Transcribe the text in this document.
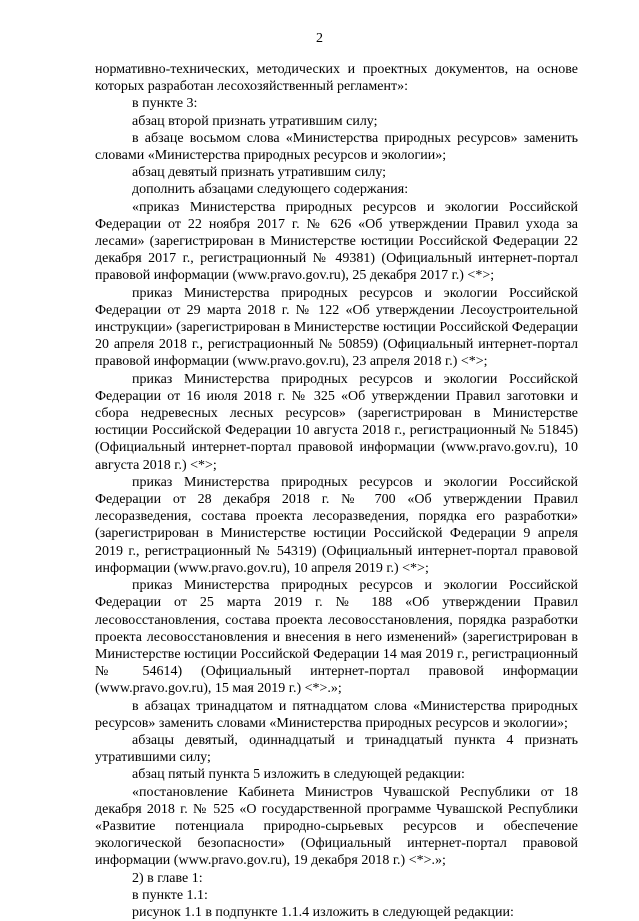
2

нормативно-технических, методических и проектных документов, на основе которых разработан лесохозяйственный регламент»:

в пункте 3:

абзац второй признать утратившим силу;

в абзаце восьмом слова «Министерства природных ресурсов» заменить словами «Министерства природных ресурсов и экологии»;

абзац девятый признать утратившим силу;

дополнить абзацами следующего содержания:

«приказ Министерства природных ресурсов и экологии Российской Федерации от 22 ноября 2017 г. № 626 «Об утверждении Правил ухода за лесами» (зарегистрирован в Министерстве юстиции Российской Федерации 22 декабря 2017 г., регистрационный № 49381) (Официальный интернет-портал правовой информации (www.pravo.gov.ru), 25 декабря 2017 г.) <*>;

приказ Министерства природных ресурсов и экологии Российской Федерации от 29 марта 2018 г. № 122 «Об утверждении Лесоустроительной инструкции» (зарегистрирован в Министерстве юстиции Российской Федерации 20 апреля 2018 г., регистрационный № 50859) (Официальный интернет-портал правовой информации (www.pravo.gov.ru), 23 апреля 2018 г.) <*>;

приказ Министерства природных ресурсов и экологии Российской Федерации от 16 июля 2018 г. № 325 «Об утверждении Правил заготовки и сбора недревесных лесных ресурсов» (зарегистрирован в Министерстве юстиции Российской Федерации 10 августа 2018 г., регистрационный № 51845) (Официальный интернет-портал правовой информации (www.pravo.gov.ru), 10 августа 2018 г.) <*>;

приказ Министерства природных ресурсов и экологии Российской Федерации от 28 декабря 2018 г. № 700 «Об утверждении Правил лесоразведения, состава проекта лесоразведения, порядка его разработки» (зарегистрирован в Министерстве юстиции Российской Федерации 9 апреля 2019 г., регистрационный № 54319) (Официальный интернет-портал правовой информации (www.pravo.gov.ru), 10 апреля 2019 г.) <*>;

приказ Министерства природных ресурсов и экологии Российской Федерации от 25 марта 2019 г. № 188 «Об утверждении Правил лесовосстановления, состава проекта лесовосстановления, порядка разработки проекта лесовосстановления и внесения в него изменений» (зарегистрирован в Министерстве юстиции Российской Федерации 14 мая 2019 г., регистрационный № 54614) (Официальный интернет-портал правовой информации (www.pravo.gov.ru), 15 мая 2019 г.) <*>.»;

в абзацах тринадцатом и пятнадцатом слова «Министерства природных ресурсов» заменить словами «Министерства природных ресурсов и экологии»;

абзацы девятый, одиннадцатый и тринадцатый пункта 4 признать утратившими силу;

абзац пятый пункта 5 изложить в следующей редакции:

«постановление Кабинета Министров Чувашской Республики от 18 декабря 2018 г. № 525 «О государственной программе Чувашской Республики «Развитие потенциала природно-сырьевых ресурсов и обеспечение экологической безопасности» (Официальный интернет-портал правовой информации (www.pravo.gov.ru), 19 декабря 2018 г.) <*>.»;

2) в главе 1:

в пункте 1.1:

рисунок 1.1 в подпункте 1.1.4 изложить в следующей редакции:
